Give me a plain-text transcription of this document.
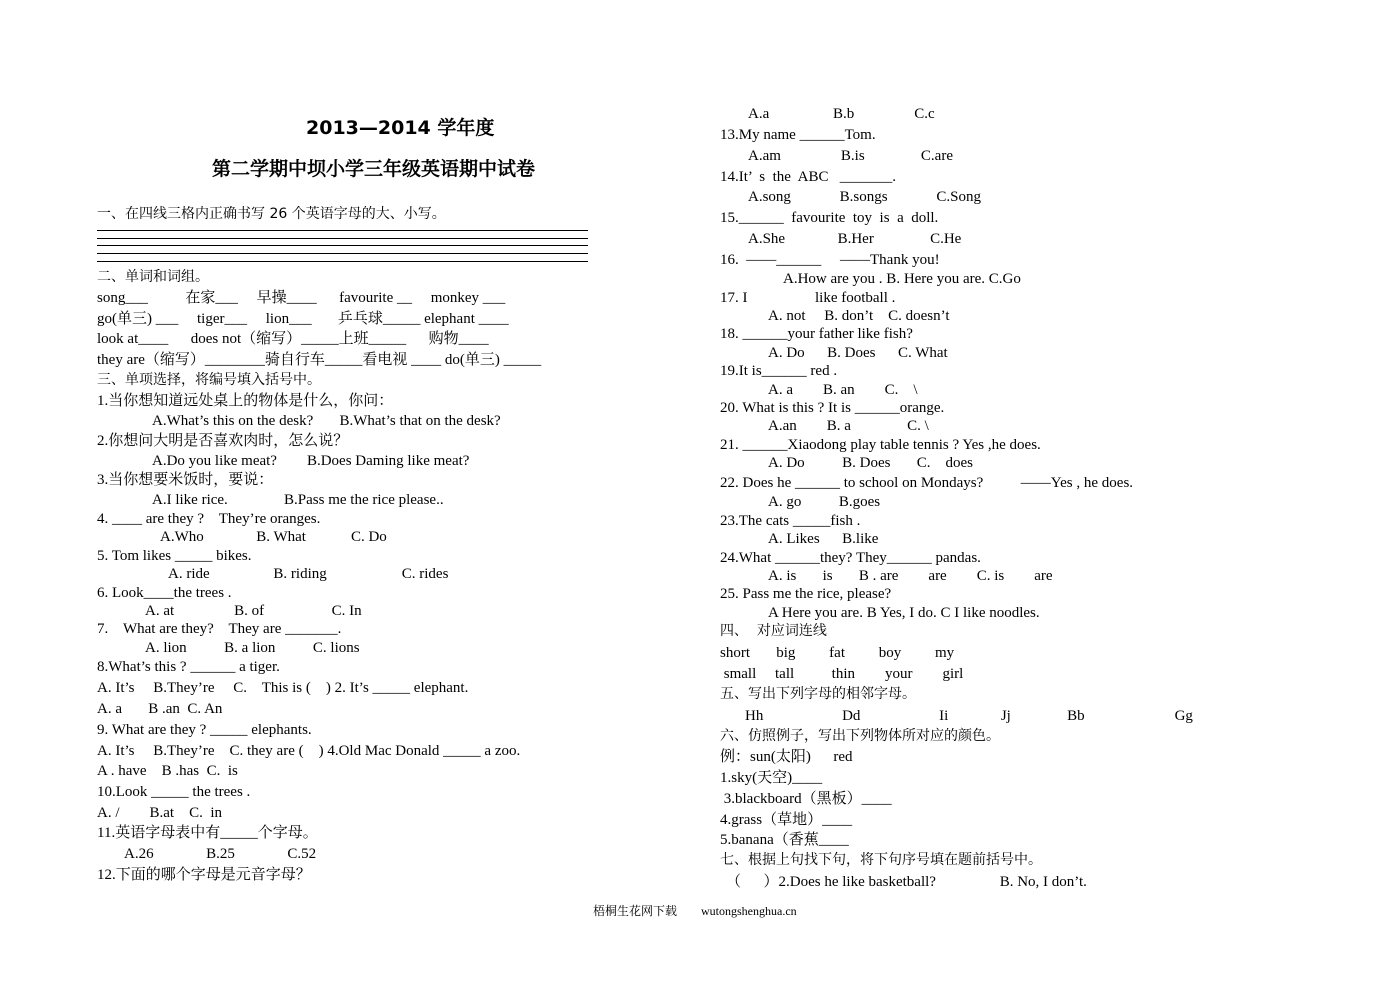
2013—2014 学年度
第二学期中坝小学三年级英语期中试卷
一、在四线三格内正确书写 26 个英语字母的大、小写。
二、单词和词组。
song___          在家___     早操____      favourite __     monkey ___
go(单三) ___     tiger___     lion___       乒乓球_____ elephant ____
look at____      does not（缩写）_____上班_____      购物____
they are（缩写）________骑自行车_____看电视 ____ do(单三) _____
三、单项选择，将编号填入括号中。
1.当你想知道远处桌上的物体是什么，你问：
A.What’s this on the desk?       B.What’s that on the desk?
2.你想问大明是否喜欢肉时，怎么说？
A.Do you like meat?        B.Does Daming like meat?
3.当你想要米饭时，要说：
A.I like rice.               B.Pass me the rice please..
4. ____ are they ?    They’re oranges.
A.Who              B. What            C. Do
5. Tom likes _____ bikes.
A. ride                 B. riding                    C. rides
6. Look____the trees .
A. at                B. of                  C. In
7.    What are they?    They are _______.
A. lion          B. a lion          C. lions
8.What’s this ? ______ a tiger.
A. It’s     B.They’re     C.    This is (    ) 2. It’s _____ elephant.
A. a       B .an  C. An
9. What are they ? _____ elephants.
A. It’s     B.They’re    C. they are (    ) 4.Old Mac Donald _____ a zoo.
A . have    B .has  C.  is
10.Look _____ the trees .
A. /        B.at    C.  in
11.英语字母表中有_____个字母。
A.26              B.25              C.52
12.下面的哪个字母是元音字母？
A.a                 B.b                C.c
13.My name ______Tom.
A.am                B.is               C.are
14.It’  s  the  ABC   _______.
A.song             B.songs             C.Song
15.______  favourite  toy  is  a  doll.
A.She              B.Her               C.He
16.  ——______     ——Thank you!
A.How are you . B. Here you are. C.Go
17. I                  like football .
A. not     B. don’t    C. doesn’t
18. ______your father like fish?
A. Do      B. Does      C. What
19.It is______ red .
A. a        B. an        C.    \
20. What is this ? It is ______orange.
A.an        B. a               C. \
21. ______Xiaodong play table tennis ? Yes ,he does.
A. Do          B. Does       C.    does
22. Does he ______ to school on Mondays?          ——Yes , he does.
A. go          B.goes
23.The cats _____fish .
A. Likes      B.like
24.What ______they? They______ pandas.
A. is       is       B . are        are        C. is        are
25. Pass me the rice, please?
A Here you are. B Yes, I do. C I like noodles.
四、  对应词连线
short       big         fat         boy         my
small     tall          thin        your        girl
五、写出下列字母的相邻字母。
Hh                     Dd                     Ii              Jj               Bb                        Gg
六、仿照例子，写出下列物体所对应的颜色。
例：sun(太阳)      red
1.sky(天空)____
3.blackboard（黑板）____
4.grass（草地）____
5.banana（香蕉____
七、根据上句找下句，将下句序号填在题前括号中。
（      ）2.Does he like basketball?                 B. No, I don’t.
梧桐生花网下载        wutongshenghua.cn
